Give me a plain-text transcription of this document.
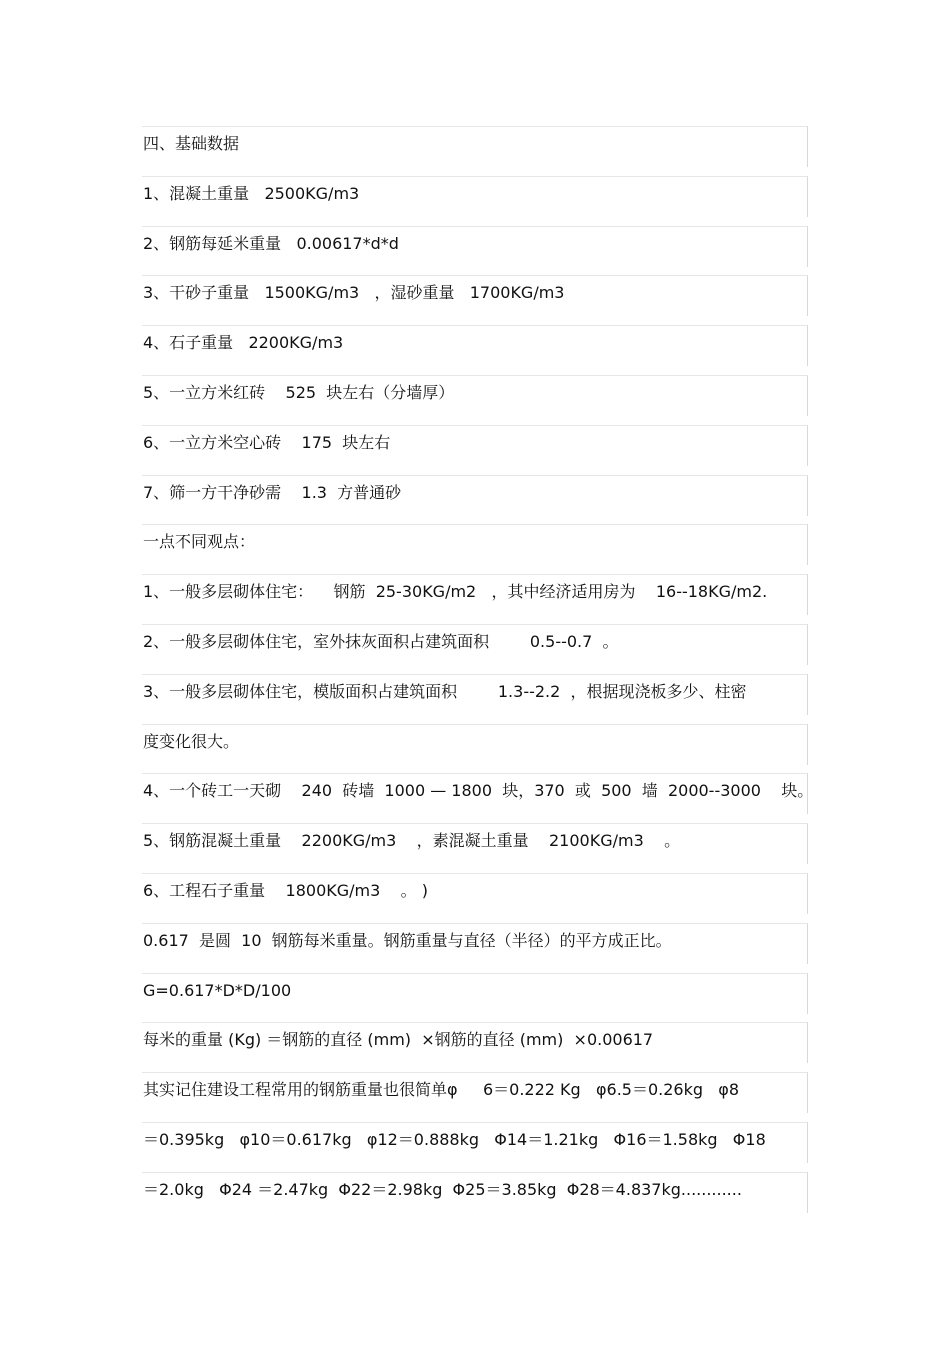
四、基础数据
1、混凝土重量   2500KG/m3
2、钢筋每延米重量   0.00617*d*d
3、干砂子重量   1500KG/m3   ，湿砂重量   1700KG/m3
4、石子重量   2200KG/m3
5、一立方米红砖    525  块左右（分墙厚）
6、一立方米空心砖    175  块左右
7、筛一方干净砂需    1.3  方普通砂
一点不同观点：
1、一般多层砌体住宅：    钢筋  25-30KG/m2   ，其中经济适用房为    16--18KG/m2.
2、一般多层砌体住宅，室外抹灰面积占建筑面积        0.5--0.7  。
3、一般多层砌体住宅，模版面积占建筑面积        1.3--2.2  ，根据现浇板多少、柱密
度变化很大。
4、一个砖工一天砌    240  砖墙  1000 — 1800  块，370  或  500  墙  2000--3000    块。
5、钢筋混凝土重量    2200KG/m3    ，素混凝土重量    2100KG/m3    。
6、工程石子重量    1800KG/m3    。 )
0.617  是圆  10  钢筋每米重量。钢筋重量与直径（半径）的平方成正比。
G=0.617*D*D/100
每米的重量 (Kg) ＝钢筋的直径 (mm)  ×钢筋的直径 (mm)  ×0.00617
其实记住建设工程常用的钢筋重量也很简单φ     6＝0.222 Kg   φ6.5＝0.26kg   φ8
＝0.395kg   φ10＝0.617kg   φ12＝0.888kg   Φ14＝1.21kg   Φ16＝1.58kg   Φ18
＝2.0kg   Φ24 ＝2.47kg  Φ22＝2.98kg  Φ25＝3.85kg  Φ28＝4.837kg............
